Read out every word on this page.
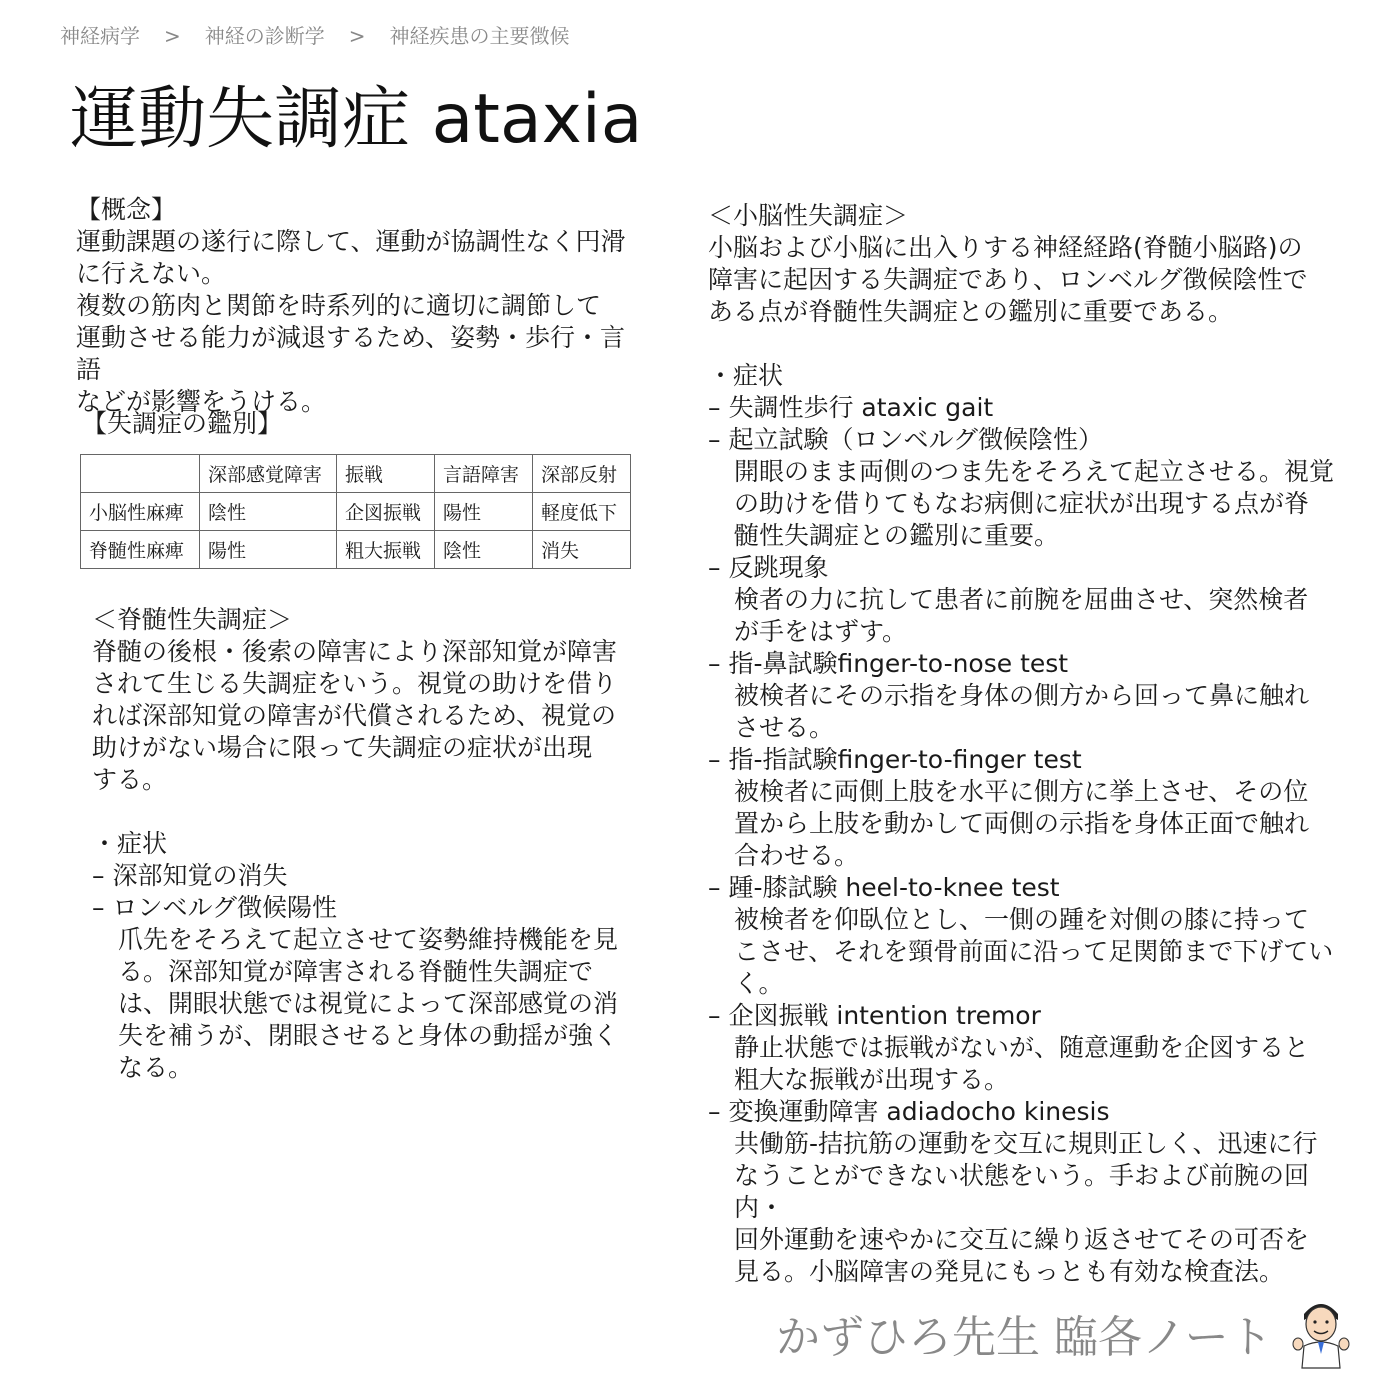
神経病学 > 神経の診断学 > 神経疾患の主要徴候
運動失調症 ataxia
【概念】
運動課題の遂行に際して、運動が協調性なく円滑
に行えない。
複数の筋肉と関節を時系列的に適切に調節して
運動させる能力が減退するため、姿勢・歩行・言語
などが影響をうける。
【失調症の鑑別】
	深部感覚障害	振戦	言語障害	深部反射
小脳性麻痺	陰性	企図振戦	陽性	軽度低下
脊髄性麻痺	陽性	粗大振戦	陰性	消失
＜脊髄性失調症＞
脊髄の後根・後索の障害により深部知覚が障害
されて生じる失調症をいう。視覚の助けを借り
れば深部知覚の障害が代償されるため、視覚の
助けがない場合に限って失調症の症状が出現
する。
・症状
– 深部知覚の消失
– ロンベルグ徴候陽性
爪先をそろえて起立させて姿勢維持機能を見
る。深部知覚が障害される脊髄性失調症で
は、開眼状態では視覚によって深部感覚の消
失を補うが、閉眼させると身体の動揺が強く
なる。
＜小脳性失調症＞
小脳および小脳に出入りする神経経路(脊髄小脳路)の
障害に起因する失調症であり、ロンベルグ徴候陰性で
ある点が脊髄性失調症との鑑別に重要である。
・症状
– 失調性歩行 ataxic gait
– 起立試験（ロンベルグ徴候陰性）
開眼のまま両側のつま先をそろえて起立させる。視覚
の助けを借りてもなお病側に症状が出現する点が脊
髄性失調症との鑑別に重要。
– 反跳現象
検者の力に抗して患者に前腕を屈曲させ、突然検者
が手をはずす。
– 指-鼻試験finger-to-nose test
被検者にその示指を身体の側方から回って鼻に触れ
させる。
– 指-指試験finger-to-finger test
被検者に両側上肢を水平に側方に挙上させ、その位
置から上肢を動かして両側の示指を身体正面で触れ
合わせる。
– 踵-膝試験 heel-to-knee test
被検者を仰臥位とし、一側の踵を対側の膝に持って
こさせ、それを頸骨前面に沿って足関節まで下げてい
く。
– 企図振戦 intention tremor
静止状態では振戦がないが、随意運動を企図すると
粗大な振戦が出現する。
– 変換運動障害 adiadocho kinesis
共働筋-拮抗筋の運動を交互に規則正しく、迅速に行
なうことができない状態をいう。手および前腕の回内・
回外運動を速やかに交互に繰り返させてその可否を
見る。小脳障害の発見にもっとも有効な検査法。
かずひろ先生 臨各ノート
